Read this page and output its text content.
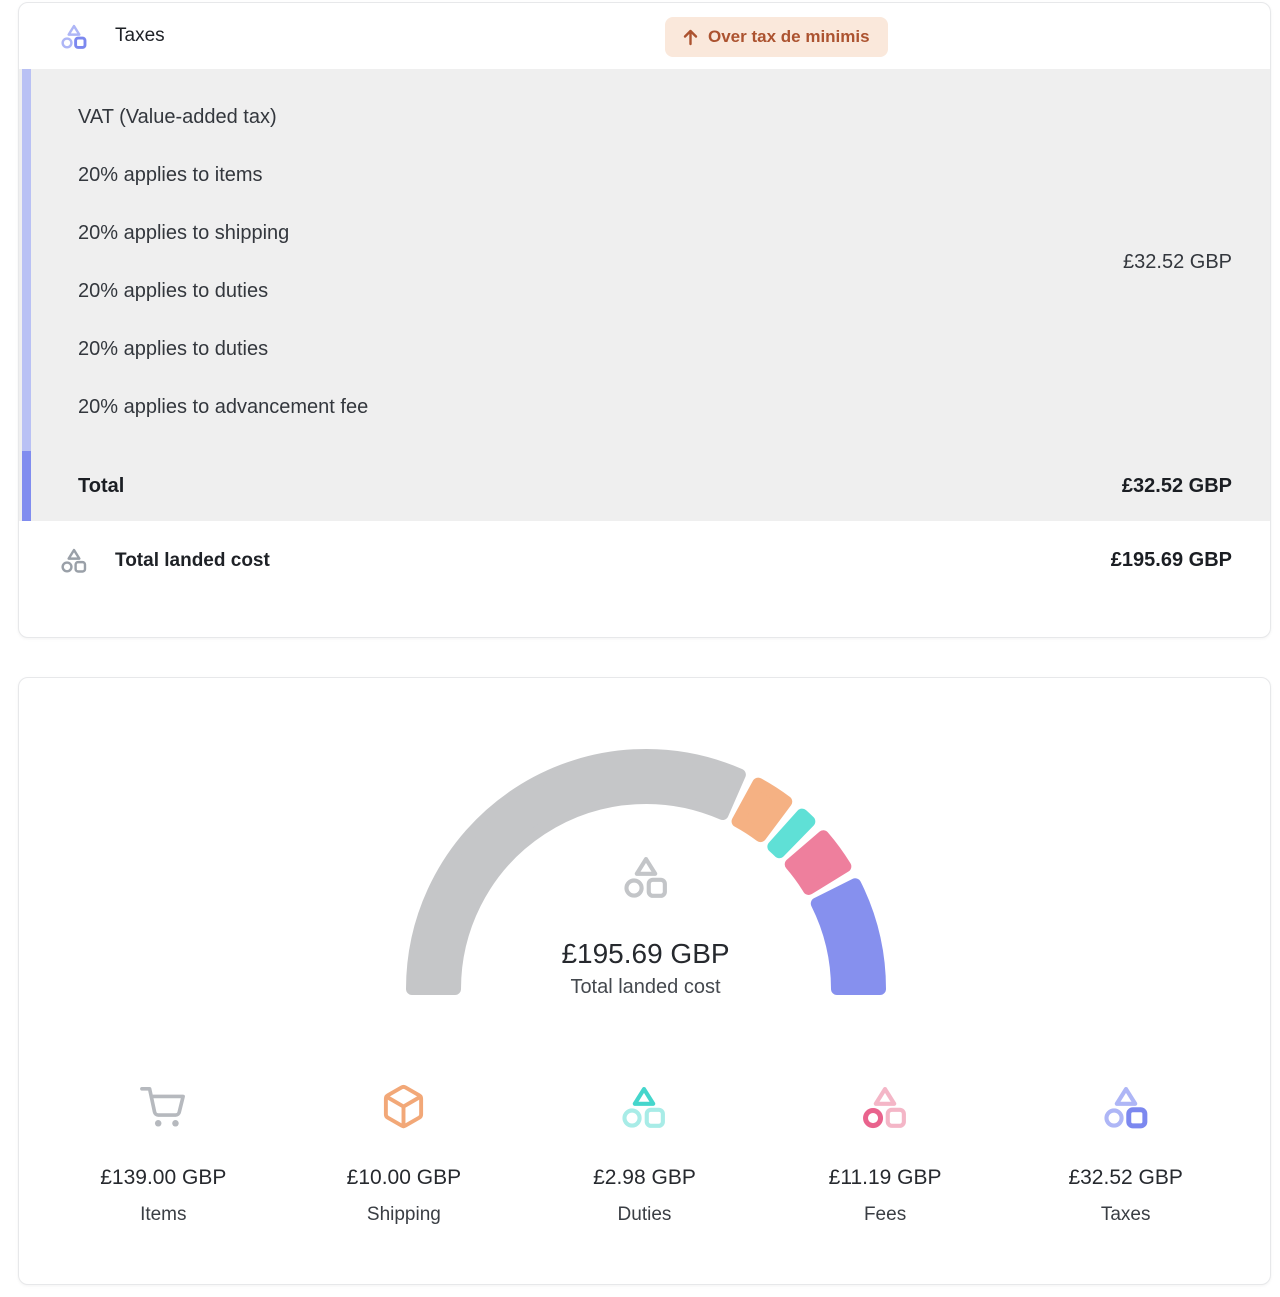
Taxes	Over tax de minimis
VAT (Value-added tax)
20% applies to items
20% applies to shipping
20% applies to duties
20% applies to duties
20% applies to advancement fee
£32.52 GBP
Total	£32.52 GBP
Total landed cost	£195.69 GBP
£195.69 GBP
Total landed cost
£139.00 GBP
Items
£10.00 GBP
Shipping
£2.98 GBP
Duties
£11.19 GBP
Fees
£32.52 GBP
Taxes
